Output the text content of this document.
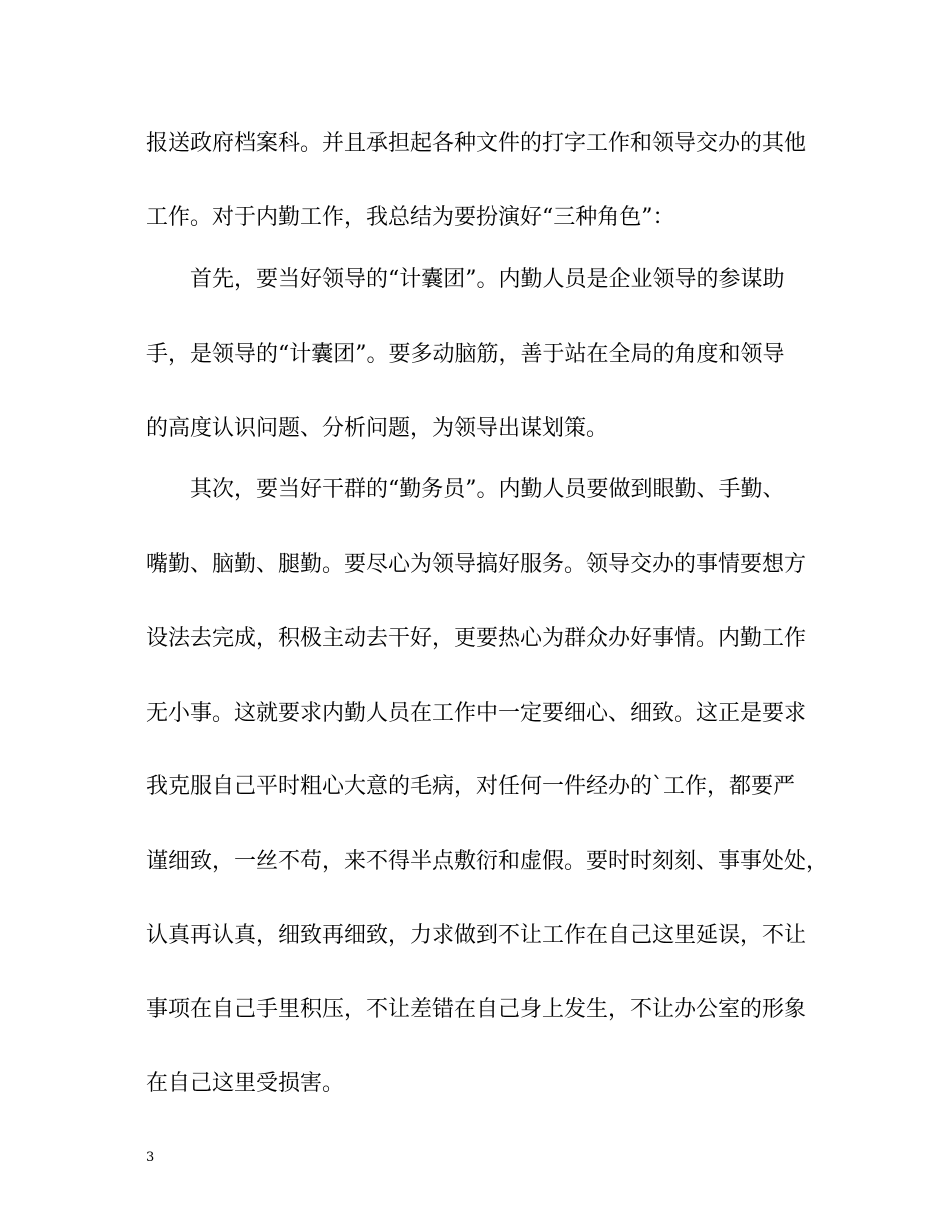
报送政府档案科。并且承担起各种文件的打字工作和领导交办的其他
工作。对于内勤工作，我总结为要扮演好“三种角色”：
首先，要当好领导的“计囊团”。内勤人员是企业领导的参谋助
手，是领导的“计囊团”。要多动脑筋，善于站在全局的角度和领导
的高度认识问题、分析问题，为领导出谋划策。
其次，要当好干群的“勤务员”。内勤人员要做到眼勤、手勤、
嘴勤、脑勤、腿勤。要尽心为领导搞好服务。领导交办的事情要想方
设法去完成，积极主动去干好，更要热心为群众办好事情。内勤工作
无小事。这就要求内勤人员在工作中一定要细心、细致。这正是要求
我克服自己平时粗心大意的毛病，对任何一件经办的`工作，都要严
谨细致，一丝不苟，来不得半点敷衍和虚假。要时时刻刻、事事处处，
认真再认真，细致再细致，力求做到不让工作在自己这里延误，不让
事项在自己手里积压，不让差错在自己身上发生，不让办公室的形象
在自己这里受损害。
3
